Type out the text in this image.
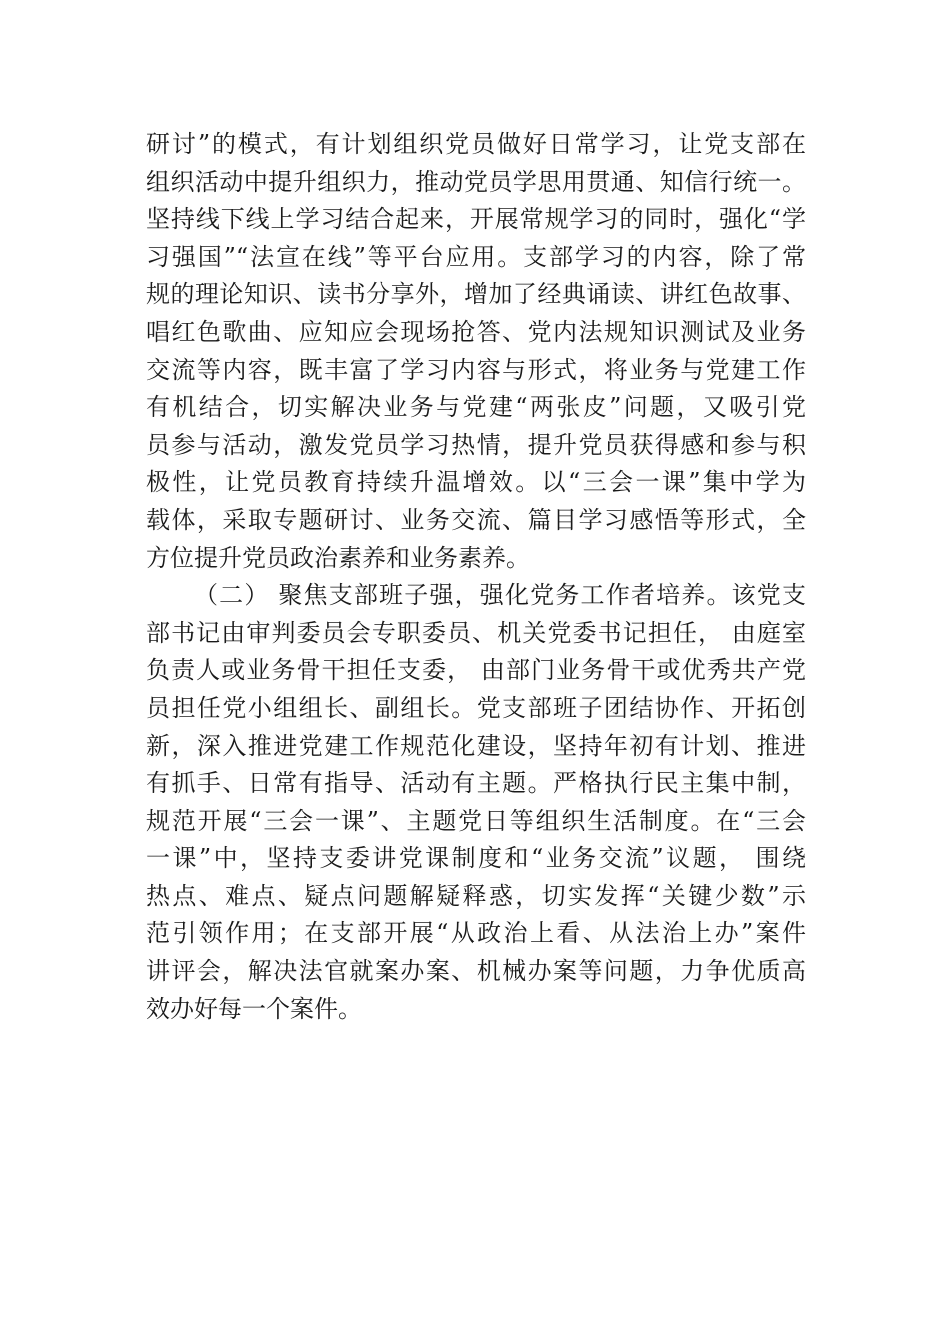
研讨”的模式，有计划组织党员做好日常学习，让党支部在
组织活动中提升组织力，推动党员学思用贯通、知信行统一。
坚持线下线上学习结合起来，开展常规学习的同时，强化“学
习强国”“法宣在线”等平台应用。支部学习的内容，除了常
规的理论知识、读书分享外，增加了经典诵读、讲红色故事、
唱红色歌曲、应知应会现场抢答、党内法规知识测试及业务
交流等内容，既丰富了学习内容与形式，将业务与党建工作
有机结合，切实解决业务与党建“两张皮”问题，又吸引党
员参与活动，激发党员学习热情，提升党员获得感和参与积
极性，让党员教育持续升温增效。以“三会一课”集中学为
载体，采取专题研讨、业务交流、篇目学习感悟等形式，全
方位提升党员政治素养和业务素养。
（二） 聚焦支部班子强，强化党务工作者培养。该党支
部书记由审判委员会专职委员、机关党委书记担任， 由庭室
负责人或业务骨干担任支委， 由部门业务骨干或优秀共产党
员担任党小组组长、副组长。党支部班子团结协作、开拓创
新，深入推进党建工作规范化建设，坚持年初有计划、推进
有抓手、日常有指导、活动有主题。严格执行民主集中制，
规范开展“三会一课”、主题党日等组织生活制度。在“三会
一课”中，坚持支委讲党课制度和“业务交流”议题， 围绕
热点、难点、疑点问题解疑释惑，切实发挥“关键少数”示
范引领作用；在支部开展“从政治上看、从法治上办”案件
讲评会，解决法官就案办案、机械办案等问题，力争优质高
效办好每一个案件。
